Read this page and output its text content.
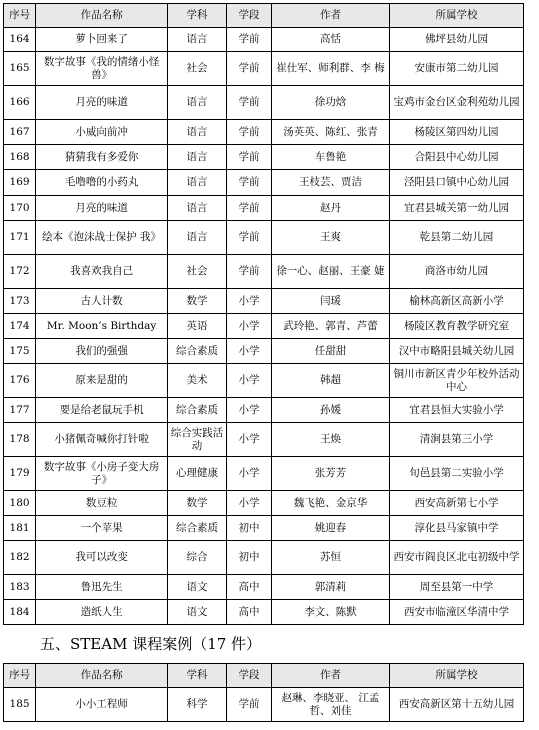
序号	作品名称	学科	学段	作者	所属学校
164	萝卜回来了	语言	学前	高恬	佛坪县幼儿园
165	数字故事《我的情绪小怪兽》	社会	学前	崔仕军、师利群、李 梅	安康市第二幼儿园
166	月亮的味道	语言	学前	徐功焓	宝鸡市金台区金利苑幼儿园
167	小威向前冲	语言	学前	汤英英、陈红、张青	杨陵区第四幼儿园
168	猜猜我有多爱你	语言	学前	车鲁艳	合阳县中心幼儿园
169	毛噜噜的小药丸	语言	学前	王枝芸、贾洁	泾阳县口镇中心幼儿园
170	月亮的味道	语言	学前	赵丹	宜君县城关第一幼儿园
171	绘本《泡沫战士保护 我》	语言	学前	王爽	乾县第二幼儿园
172	我喜欢我自己	社会	学前	徐一心、赵丽、王豪 婕	商洛市幼儿园
173	古人计数	数学	小学	闫瑗	榆林高新区高新小学
174	Mr. Moon’s Birthday	英语	小学	武玲艳、郭青、芦蕾	杨陵区教育教学研究室
175	我们的强强	综合素质	小学	任甜甜	汉中市略阳县城关幼儿园
176	原来是甜的	美术	小学	韩超	铜川市新区青少年校外活动中心
177	要是给老鼠玩手机	综合素质	小学	孙媛	宜君县恒大实验小学
178	小猪佩奇喊你打针啦	综合实践活 动	小学	王焕	清涧县第三小学
179	数字故事《小房子变大房子》	心理健康	小学	张芳芳	旬邑县第二实验小学
180	数豆粒	数学	小学	魏飞艳、金京华	西安高新第七小学
181	一个苹果	综合素质	初中	姚迎春	淳化县马家镇中学
182	我可以改变	综合	初中	苏恒	西安市阎良区北屯初级中学
183	鲁迅先生	语文	高中	郭清莉	周至县第一中学
184	造纸人生	语文	高中	李文、陈默	西安市临潼区华清中学
五、STEAM 课程案例（17 件）
序号	作品名称	学科	学段	作者	所属学校
185	小小工程师	科学	学前	赵琳、李晓亚、 江孟哲、刘佳	西安高新区第十五幼儿园
